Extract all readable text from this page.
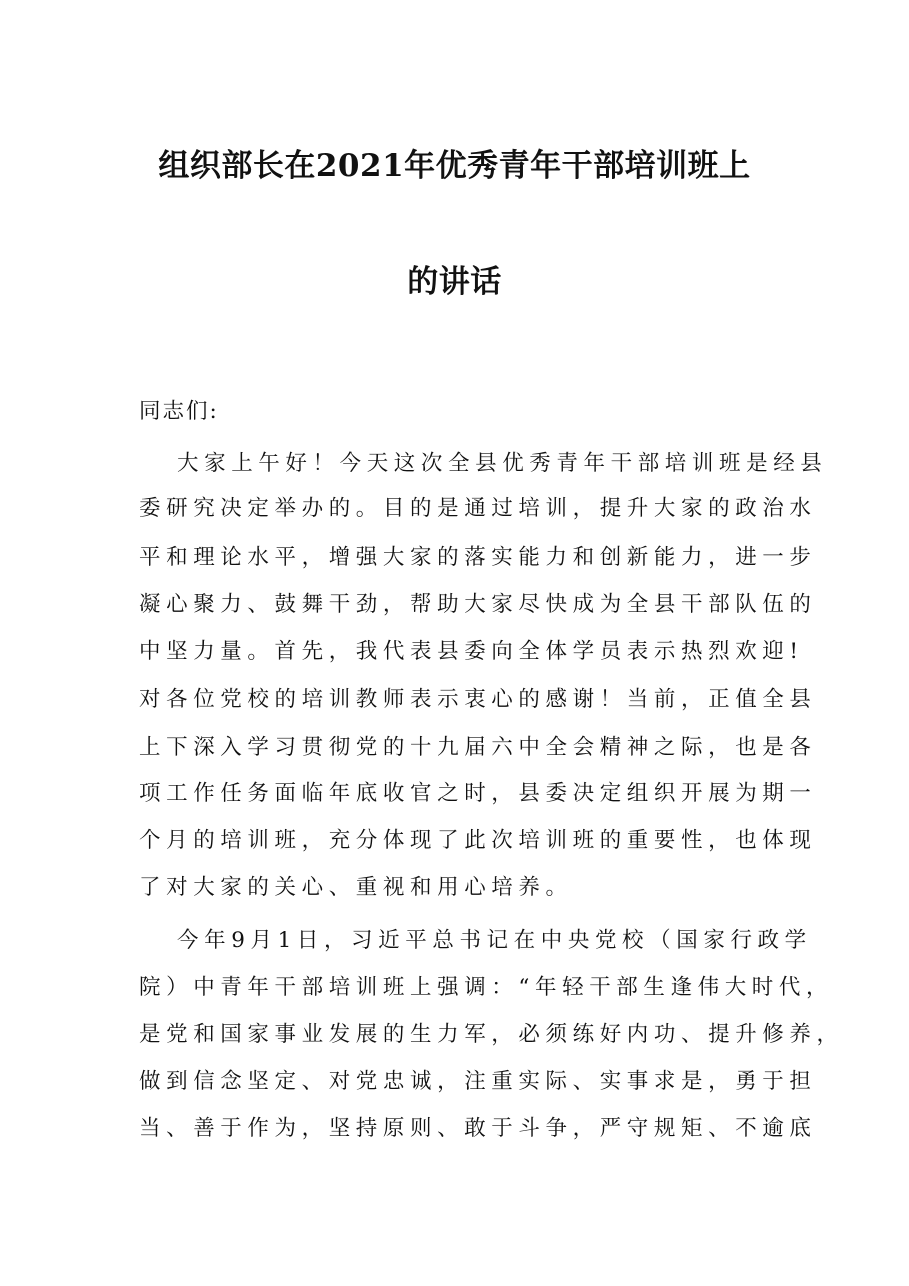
组织部长在2021年优秀青年干部培训班上
的讲话
同志们:
大家上午好！今天这次全县优秀青年干部培训班是经县
委研究决定举办的。目的是通过培训，提升大家的政治水
平和理论水平，增强大家的落实能力和创新能力，进一步
凝心聚力、鼓舞干劲，帮助大家尽快成为全县干部队伍的
中坚力量。首先，我代表县委向全体学员表示热烈欢迎!
对各位党校的培训教师表示衷心的感谢！当前，正值全县
上下深入学习贯彻党的十九届六中全会精神之际，也是各
项工作任务面临年底收官之时，县委决定组织开展为期一
个月的培训班，充分体现了此次培训班的重要性，也体现
了对大家的关心、重视和用心培养。
今年9月1日，习近平总书记在中央党校（国家行政学
院）中青年干部培训班上强调：“年轻干部生逢伟大时代，
是党和国家事业发展的生力军，必须练好内功、提升修养，
做到信念坚定、对党忠诚，注重实际、实事求是，勇于担
当、善于作为，坚持原则、敢于斗争，严守规矩、不逾底
